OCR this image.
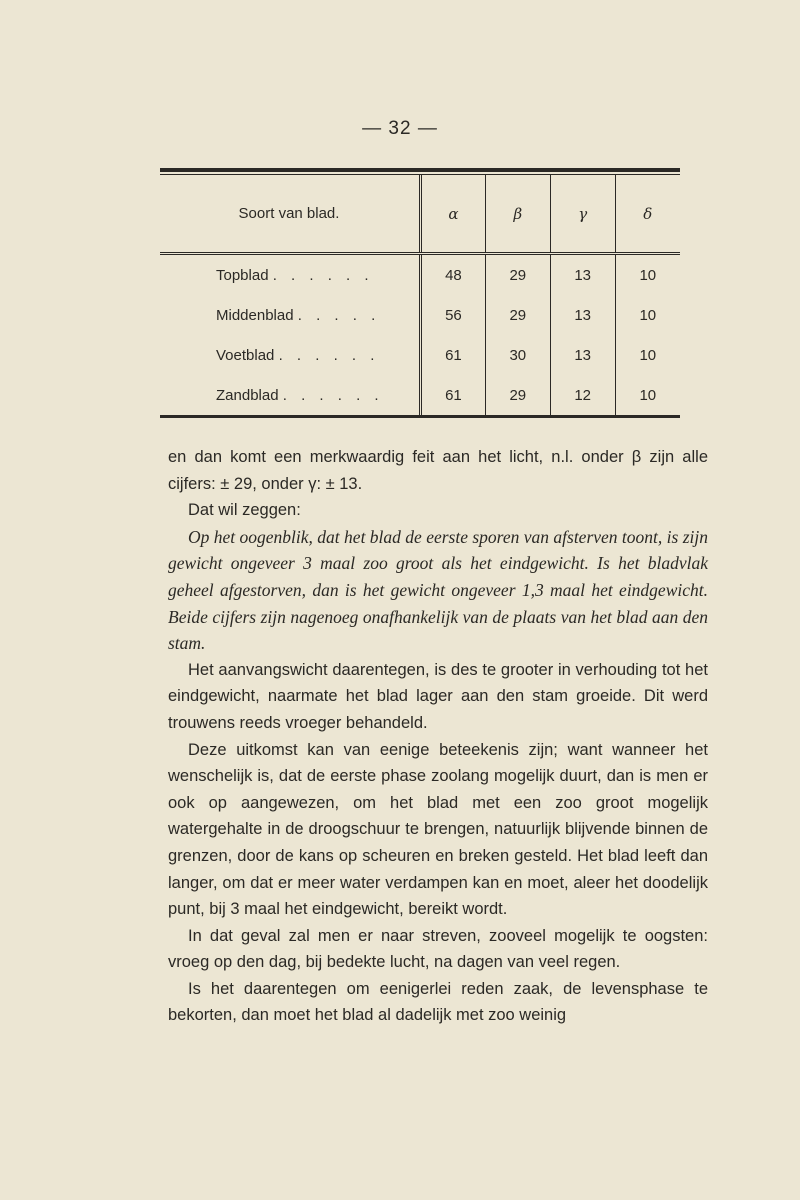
— 32 —
Soort van blad.	α	β	γ	δ
Topblad . . . . . .	48	29	13	10
Middenblad . . . . .	56	29	13	10
Voetblad . . . . . .	61	30	13	10
Zandblad . . . . . .	61	29	12	10

en dan komt een merkwaardig feit aan het licht, n.l. onder β zijn alle cijfers: ± 29, onder γ: ± 13.

Dat wil zeggen:

Op het oogenblik, dat het blad de eerste sporen van afsterven toont, is zijn gewicht ongeveer 3 maal zoo groot als het eindgewicht. Is het bladvlak geheel afgestorven, dan is het gewicht ongeveer 1,3 maal het eindgewicht. Beide cijfers zijn nagenoeg onafhankelijk van de plaats van het blad aan den stam.

Het aanvangswicht daarentegen, is des te grooter in verhouding tot het eindgewicht, naarmate het blad lager aan den stam groeide. Dit werd trouwens reeds vroeger behandeld.

Deze uitkomst kan van eenige beteekenis zijn; want wanneer het wenschelijk is, dat de eerste phase zoolang mogelijk duurt, dan is men er ook op aangewezen, om het blad met een zoo groot mogelijk watergehalte in de droogschuur te brengen, natuurlijk blijvende binnen de grenzen, door de kans op scheuren en breken gesteld. Het blad leeft dan langer, om dat er meer water verdampen kan en moet, aleer het doodelijk punt, bij 3 maal het eindgewicht, bereikt wordt.

In dat geval zal men er naar streven, zooveel mogelijk te oogsten: vroeg op den dag, bij bedekte lucht, na dagen van veel regen.

Is het daarentegen om eenigerlei reden zaak, de levensphase te bekorten, dan moet het blad al dadelijk met zoo weinig
